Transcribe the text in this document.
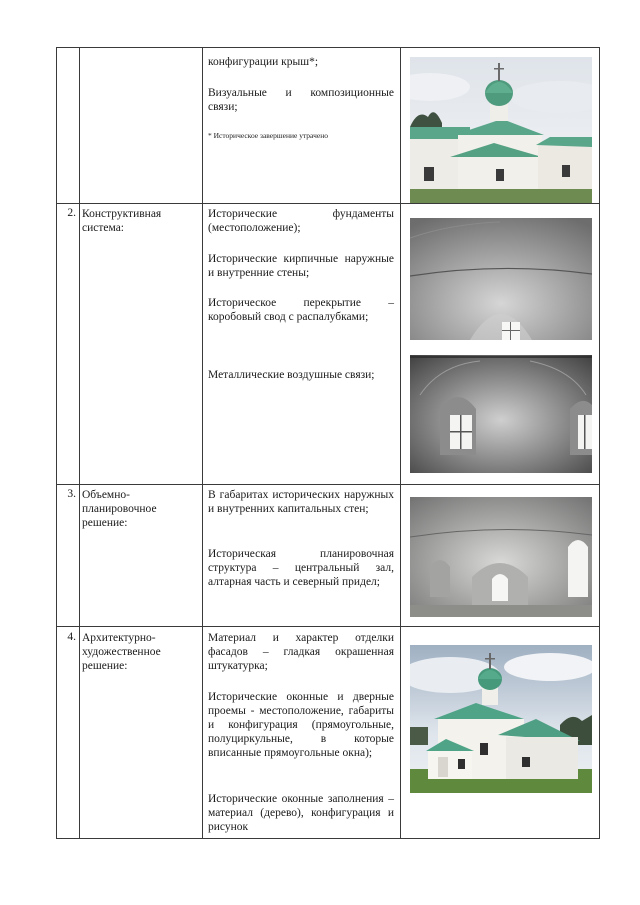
конфигурации крыш*;
Визуальные и композиционные связи;
* Историческое завершение утрачено
2. Конструктивная система:
Исторические фундаменты (местоположение);
Исторические кирпичные наружные и внутренние стены;
Историческое перекрытие – коробовый свод с распалубками;
Металлические воздушные связи;
3. Объемно-планировочное решение:
В габаритах исторических наружных и внутренних капитальных стен;
Историческая планировочная структура – центральный зал, алтарная часть и северный придел;
4. Архитектурно-художественное решение:
Материал и характер отделки фасадов – гладкая окрашенная штукатурка;
Исторические оконные и дверные проемы - местоположение, габариты и конфигурация (прямоугольные, полуциркульные, в которые вписанные прямоугольные окна);
Исторические оконные заполнения – материал (дерево), конфигурация и рисунок
